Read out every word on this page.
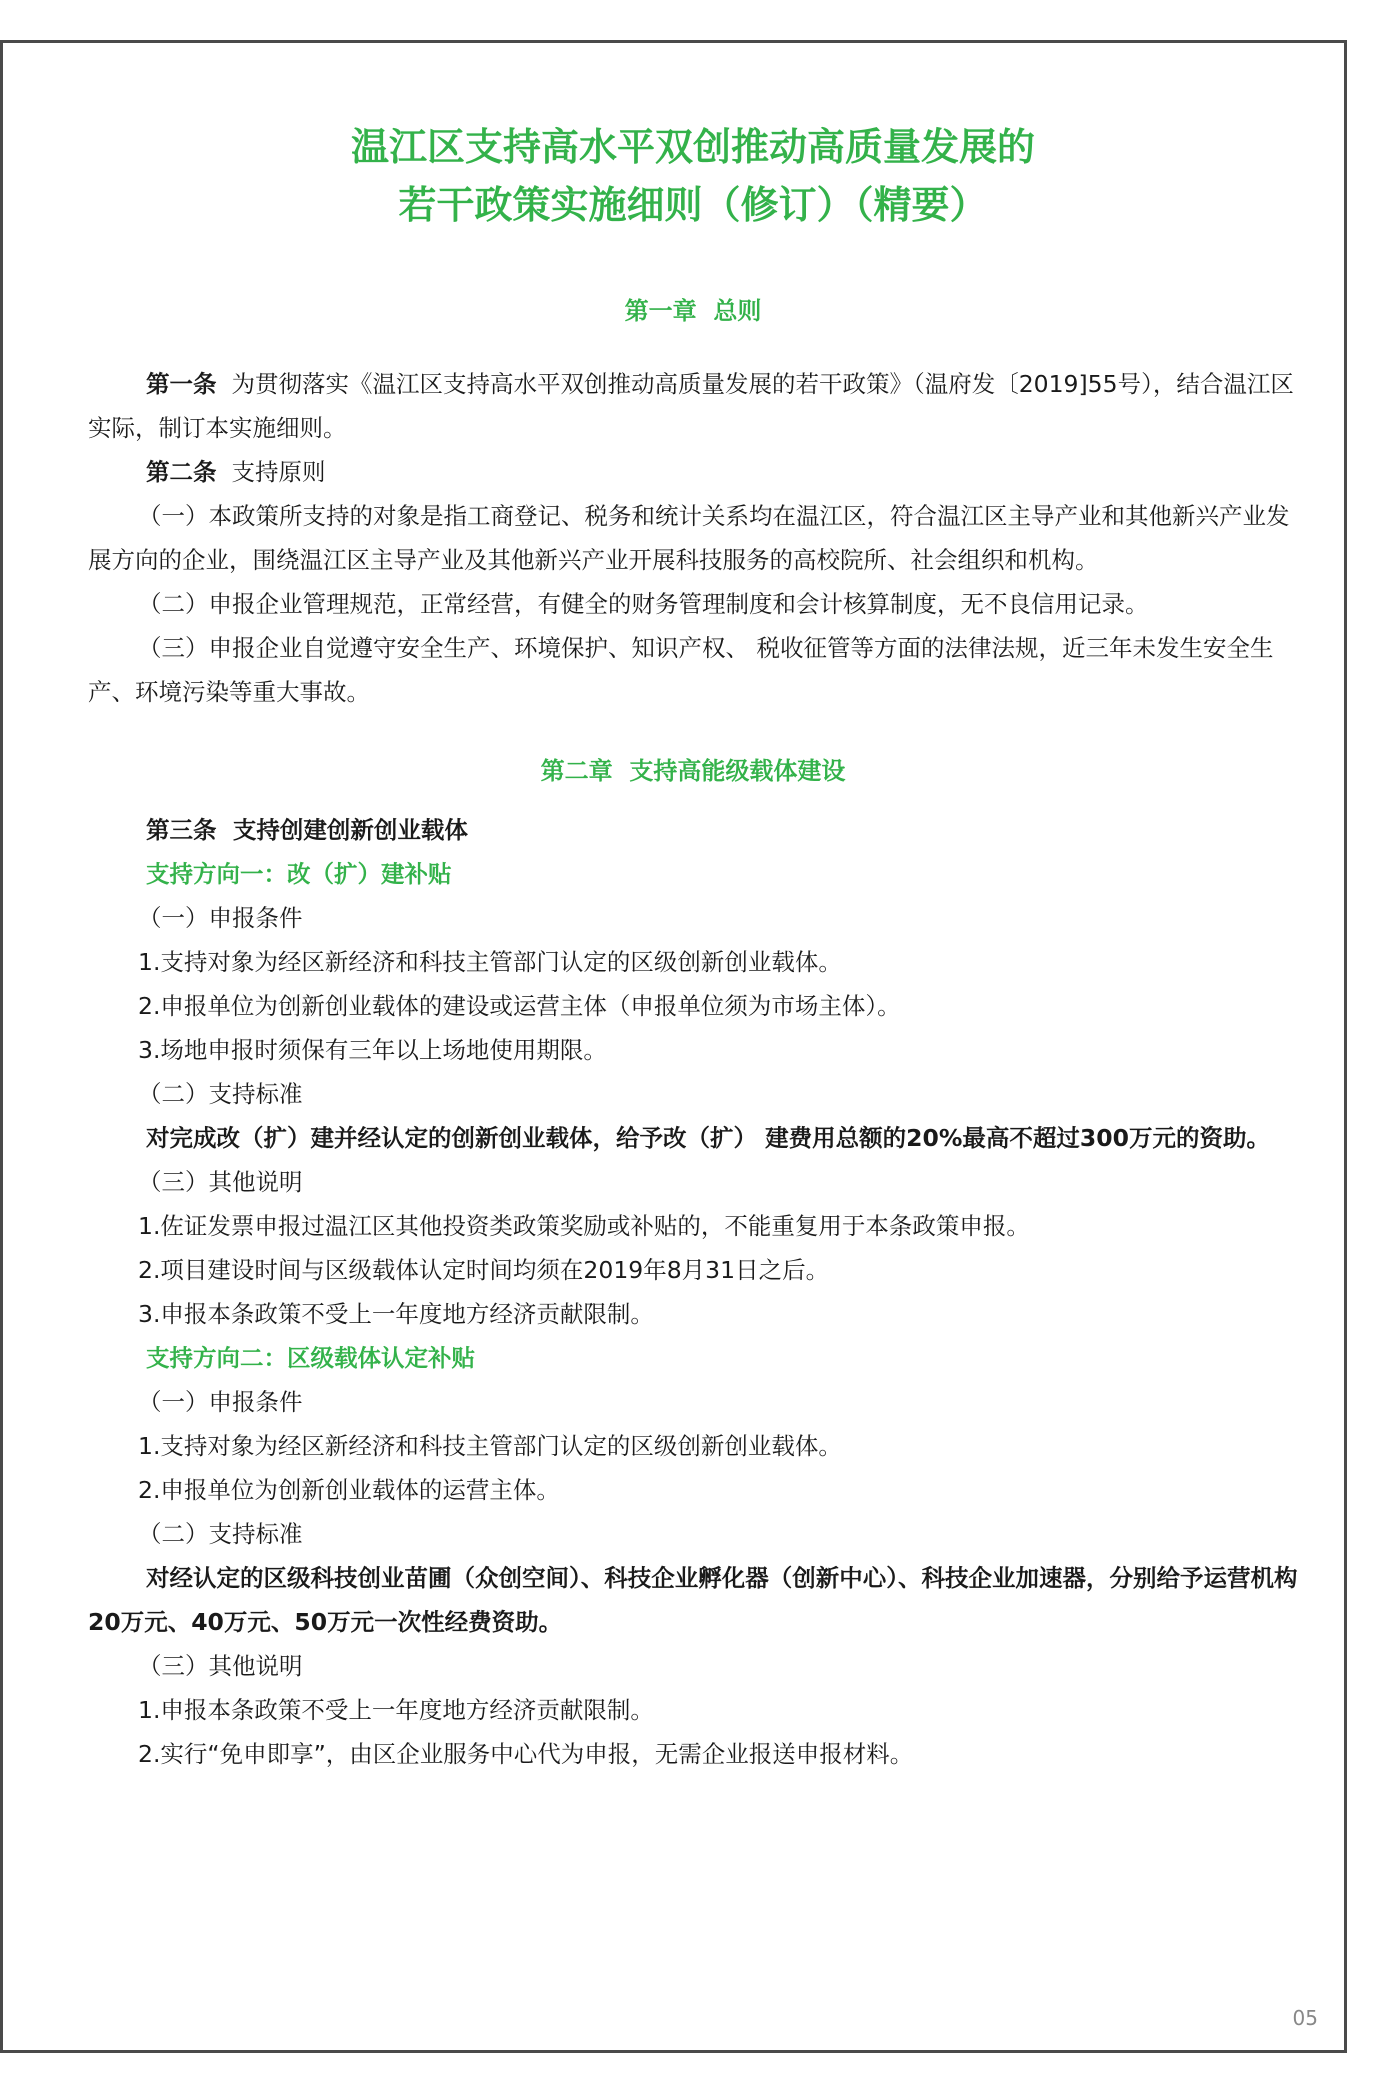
温江区支持高水平双创推动高质量发展的
若干政策实施细则（修订）（精要）
第一章  总则

第一条  为贯彻落实《温江区支持高水平双创推动高质量发展的若干政策》（温府发〔2019]55号），结合温江区实际，制订本实施细则。

第二条  支持原则

（一）本政策所支持的对象是指工商登记、税务和统计关系均在温江区，符合温江区主导产业和其他新兴产业发展方向的企业，围绕温江区主导产业及其他新兴产业开展科技服务的高校院所、社会组织和机构。

（二）申报企业管理规范，正常经营，有健全的财务管理制度和会计核算制度，无不良信用记录。

（三）申报企业自觉遵守安全生产、环境保护、知识产权、 税收征管等方面的法律法规，近三年未发生安全生产、环境污染等重大事故。

第二章  支持高能级载体建设

第三条  支持创建创新创业载体

支持方向一：改（扩）建补贴

（一）申报条件

1.支持对象为经区新经济和科技主管部门认定的区级创新创业载体。

2.申报单位为创新创业载体的建设或运营主体（申报单位须为市场主体）。

3.场地申报时须保有三年以上场地使用期限。

（二）支持标准

对完成改（扩）建并经认定的创新创业载体，给予改（扩） 建费用总额的20%最高不超过300万元的资助。

（三）其他说明

1.佐证发票申报过温江区其他投资类政策奖励或补贴的，不能重复用于本条政策申报。

2.项目建设时间与区级载体认定时间均须在2019年8月31日之后。

3.申报本条政策不受上一年度地方经济贡献限制。

支持方向二：区级载体认定补贴

（一）申报条件

1.支持对象为经区新经济和科技主管部门认定的区级创新创业载体。

2.申报单位为创新创业载体的运营主体。

（二）支持标准

对经认定的区级科技创业苗圃（众创空间）、科技企业孵化器（创新中心）、科技企业加速器，分别给予运营机构20万元、40万元、50万元一次性经费资助。

（三）其他说明

1.申报本条政策不受上一年度地方经济贡献限制。

2.实行“免申即享”，由区企业服务中心代为申报，无需企业报送申报材料。

05
